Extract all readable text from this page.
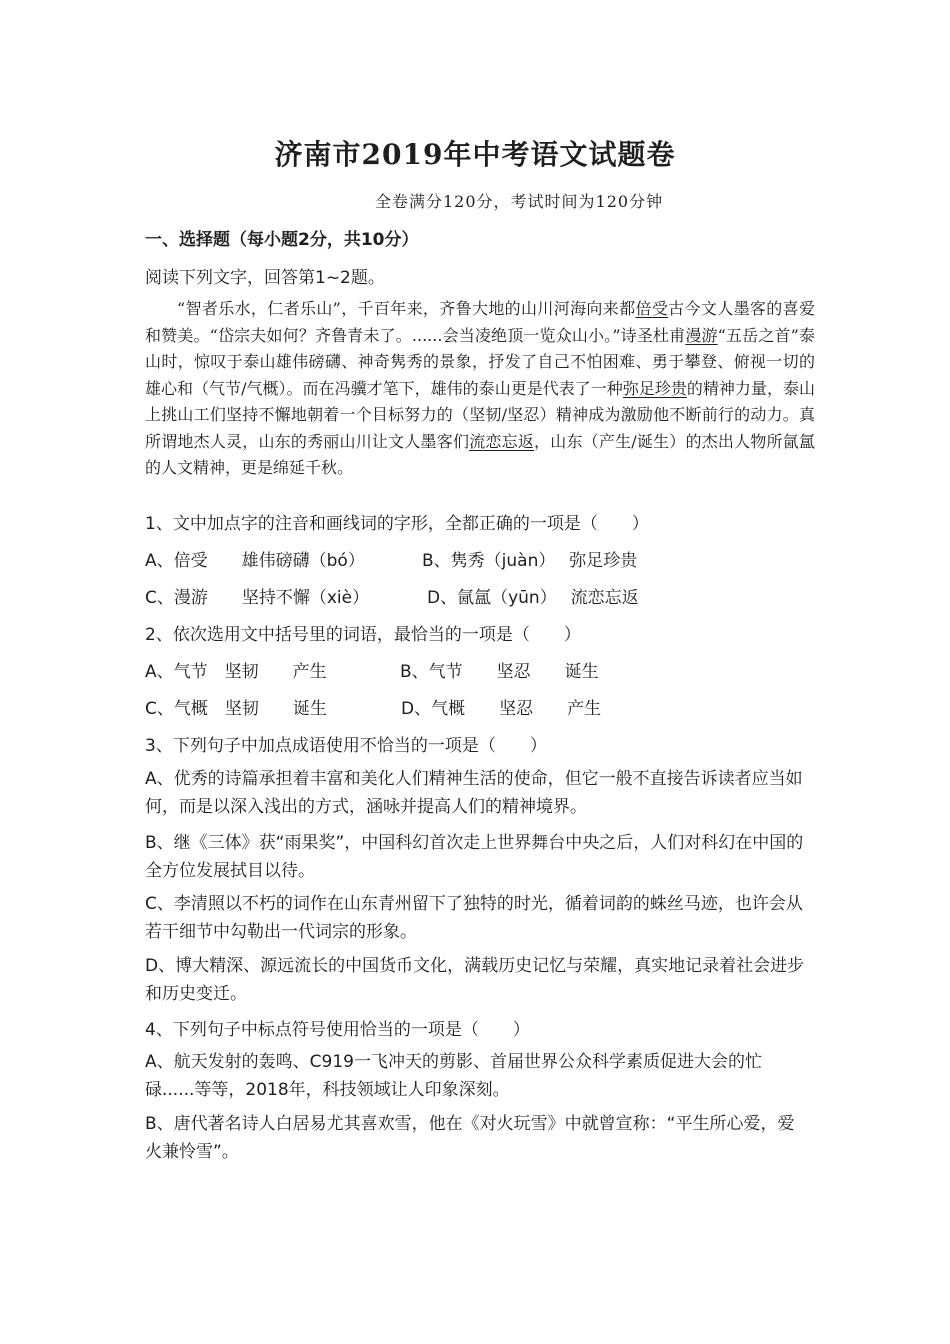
济南市2019年中考语文试题卷
全卷满分120分，考试时间为120分钟
一、选择题（每小题2分，共10分）
阅读下列文字，回答第1~2题。

“智者乐水，仁者乐山”，千百年来，齐鲁大地的山川河海向来都倍受古今文人墨客的喜爱和赞美。“岱宗夫如何？齐鲁青未了。......会当凌绝顶一览众山小。”诗圣杜甫漫游“五岳之首”泰山时，惊叹于泰山雄伟磅礴、神奇隽秀的景象，抒发了自己不怕困难、勇于攀登、俯视一切的雄心和（气节/气概）。而在冯骥才笔下，雄伟的泰山更是代表了一种弥足珍贵的精神力量，泰山上挑山工们坚持不懈地朝着一个目标努力的（坚韧/坚忍）精神成为激励他不断前行的动力。真所谓地杰人灵，山东的秀丽山川让文人墨客们流恋忘返，山东（产生/诞生）的杰出人物所氤氲的人文精神，更是绵延千秋。

1、文中加点字的注音和画线词的字形，全都正确的一项是（　　）
A、倍受　　雄伟磅礴（bó）	B、隽秀（juàn）　 弥足珍贵
C、漫游　　坚持不懈（xiè）	D、氤氲（yūn）　 流恋忘返
2、依次选用文中括号里的词语，最恰当的一项是（　　）
A、气节　坚韧　　产生	B、气节　　坚忍　　诞生
C、气概　坚韧　　诞生	D、气概　　坚忍　　产生
3、下列句子中加点成语使用不恰当的一项是（　　）
A、优秀的诗篇承担着丰富和美化人们精神生活的使命，但它一般不直接告诉读者应当如何，而是以深入浅出的方式，涵咏并提高人们的精神境界。
B、继《三体》获“雨果奖”，中国科幻首次走上世界舞台中央之后，人们对科幻在中国的全方位发展拭目以待。
C、李清照以不朽的词作在山东青州留下了独特的时光，循着词韵的蛛丝马迹，也许会从若干细节中勾勒出一代词宗的形象。
D、博大精深、源远流长的中国货币文化，满载历史记忆与荣耀，真实地记录着社会进步和历史变迁。
4、下列句子中标点符号使用恰当的一项是（　　）
A、航天发射的轰鸣、C919一飞冲天的剪影、首届世界公众科学素质促进大会的忙碌......等等，2018年，科技领域让人印象深刻。
B、唐代著名诗人白居易尤其喜欢雪，他在《对火玩雪》中就曾宣称：“平生所心爱，爱火兼怜雪”。
